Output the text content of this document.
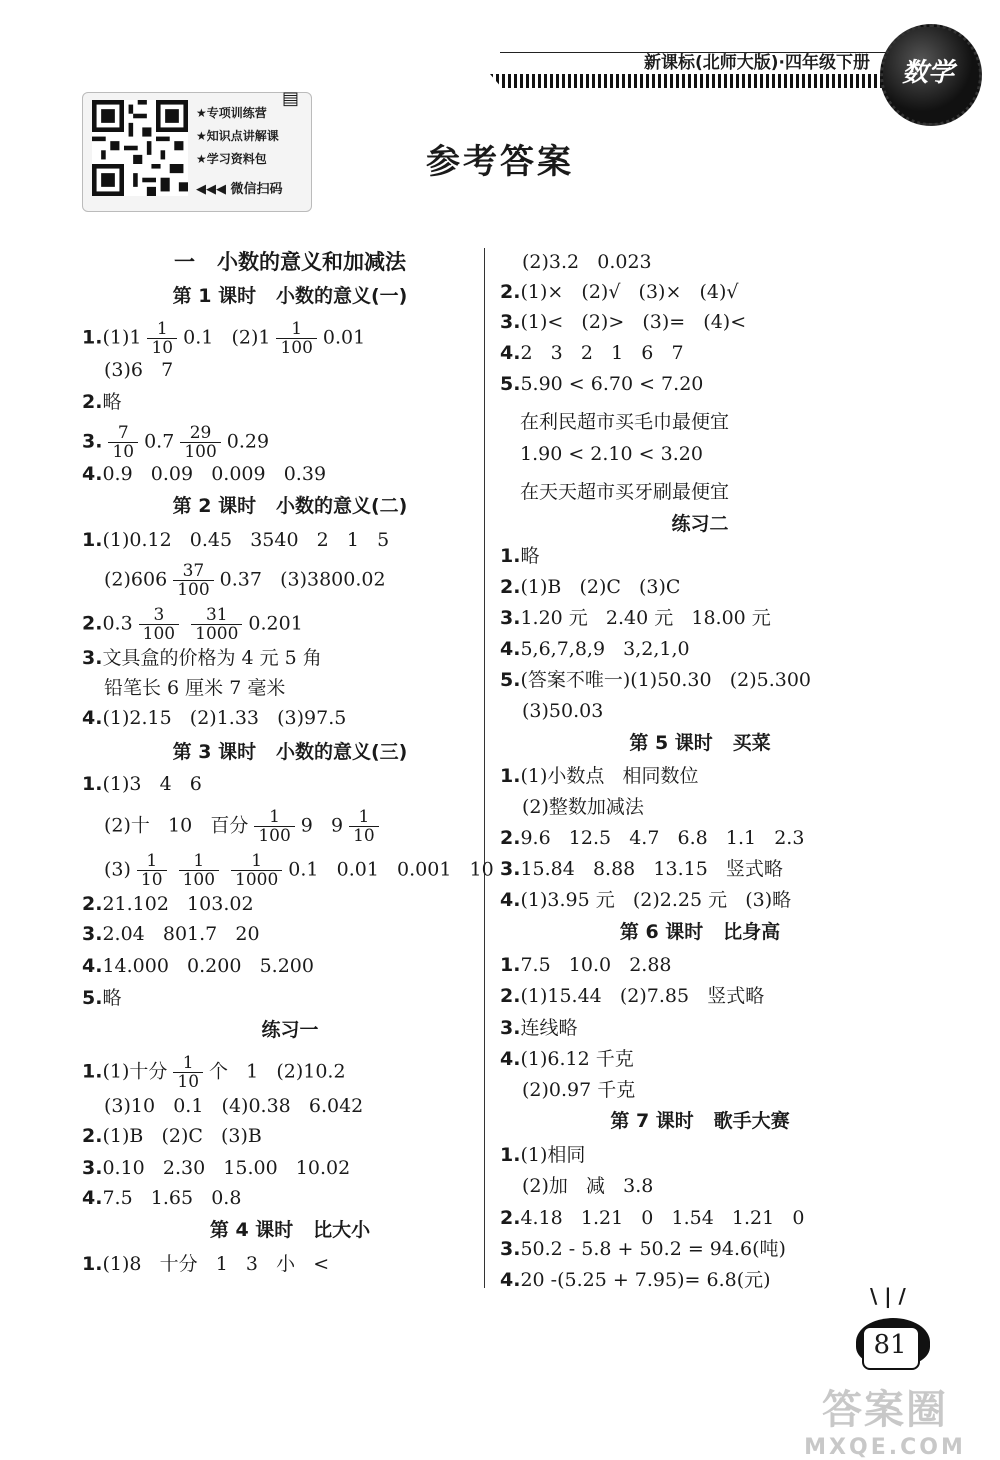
新课标(北师大版)·四年级下册	数学
▤
★专项训练营
★知识点讲解课
★学习资料包
◀◀◀ 微信扫码
参考答案
一   小数的意义和加减法
第 1 课时   小数的意义(一)
$1.(1)1 \frac{1}{10} 0.1$   $(2)1 \frac{1}{100} 0.01$
(3)6   7
2.略
3. $\frac{7}{10} 0.7 \frac{29}{100} 0.29$
4.0.9   0.09   0.009   0.39
第 2 课时   小数的意义(二)
1.(1)0.12   0.45   3540   2   1   5
$(2)606 \frac{37}{100} 0.37$   (3)3800.02
$2.0.3 \frac{3}{100} \frac{31}{1000} 0.201$
3.文具盒的价格为 4 元 5 角
铅笔长 6 厘米 7 毫米
4.(1)2.15   (2)1.33   (3)97.5
第 3 课时   小数的意义(三)
1.(1)3   4   6
(2)十   10   百分 $\frac{1}{100} 9$   $9 \frac{1}{10}$
$(3) \frac{1}{10} \frac{1}{100} \frac{1}{1000} 0.1$   0.01   0.001   10
2.21.102   103.02
3.2.04   801.7   20
4.14.000   0.200   5.200
5.略
练习一
1.(1)十分 $\frac{1}{10}$ 个   1   (2)10.2
(3)10   0.1   (4)0.38   6.042
2.(1)B   (2)C   (3)B
3.0.10   2.30   15.00   10.02
4.7.5   1.65   0.8
第 4 课时   比大小
1.(1)8   十分   1   3   小   <
(2)3.2   0.023
2.(1)×   (2)√   (3)×   (4)√
3.(1)<   (2)>   (3)=   (4)<
4.2   3   2   1   6   7
5.5.90 < 6.70 < 7.20
在利民超市买毛巾最便宜
1.90 < 2.10 < 3.20
在天天超市买牙刷最便宜
练习二
1.略
2.(1)B   (2)C   (3)C
3.1.20 元   2.40 元   18.00 元
4.5,6,7,8,9   3,2,1,0
5.(答案不唯一)(1)50.30   (2)5.300
(3)50.03
第 5 课时   买菜
1.(1)小数点   相同数位
(2)整数加减法
2.9.6   12.5   4.7   6.8   1.1   2.3
3.15.84   8.88   13.15   竖式略
4.(1)3.95 元   (2)2.25 元   (3)略
第 6 课时   比身高
1.7.5   10.0   2.88
2.(1)15.44   (2)7.85   竖式略
3.连线略
4.(1)6.12 千克
(2)0.97 千克
第 7 课时   歌手大赛
1.(1)相同
(2)加   减   3.8
2.4.18   1.21   0   1.54   1.21   0
3.50.2 - 5.8 + 50.2 = 94.6(吨)
4.20 -(5.25 + 7.95)= 6.8(元)
\ | /
81
答案圈
MXQE.COM
